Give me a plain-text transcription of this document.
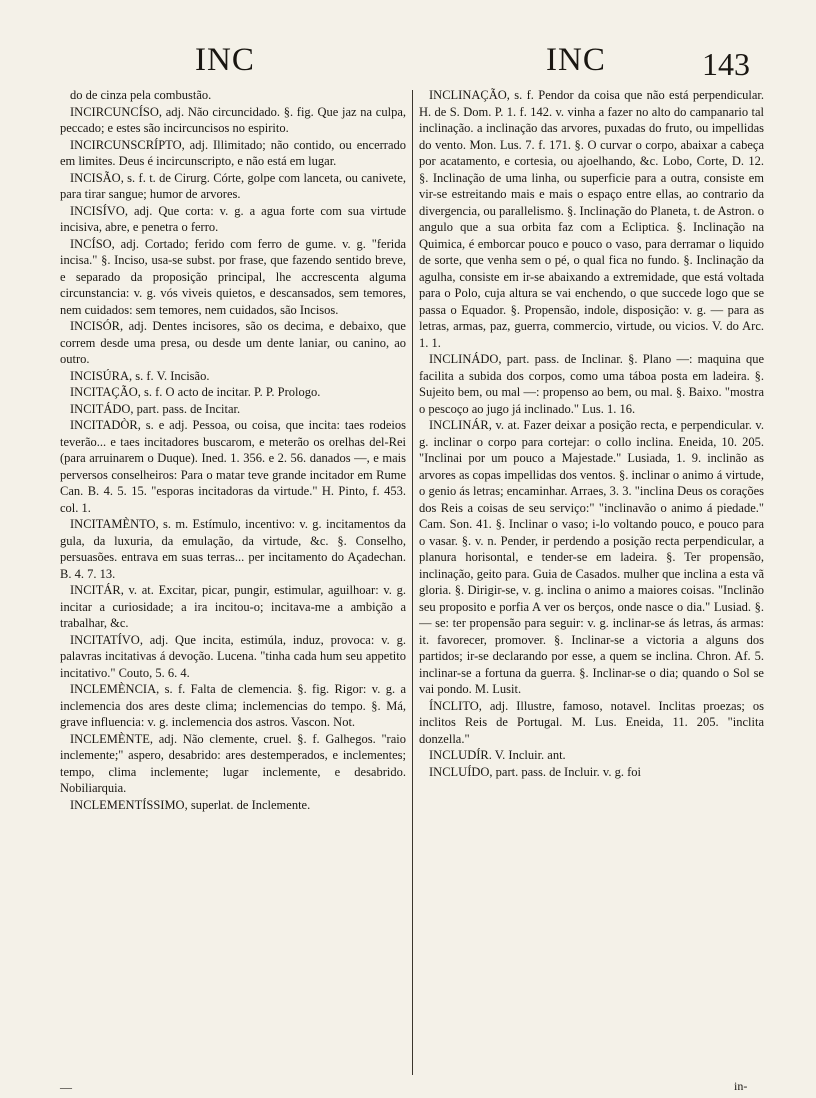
INC	INC	143

do de cinza pela combustão.

INCIRCUNCÍSO, adj. Não circuncidado. §. fig. Que jaz na culpa, peccado; e estes são incircuncisos no espirito.

INCIRCUNSCRÍPTO, adj. Illimitado; não contido, ou encerrado em limites. Deus é incircunscripto, e não está em lugar.

INCISÃO, s. f. t. de Cirurg. Córte, golpe com lanceta, ou canivete, para tirar sangue; humor de arvores.

INCISÍVO, adj. Que corta: v. g. a agua forte com sua virtude incisiva, abre, e penetra o ferro.

INCÍSO, adj. Cortado; ferido com ferro de gume. v. g. "ferida incisa." §. Inciso, usa-se subst. por frase, que fazendo sentido breve, e separado da proposição principal, lhe accrescenta alguma circunstancia: v. g. vós viveis quietos, e descansados, sem temores, nem cuidados: sem temores, nem cuidados, são Incisos.

INCISÓR, adj. Dentes incisores, são os decima, e debaixo, que correm desde uma presa, ou desde um dente laniar, ou canino, ao outro.

INCISÚRA, s. f. V. Incisão.

INCITAÇÃO, s. f. O acto de incitar. P. P. Prologo.

INCITÁDO, part. pass. de Incitar.

INCITADÒR, s. e adj. Pessoa, ou coisa, que incita: taes rodeios teverão... e taes incitadores buscarom, e meterão os orelhas del-Rei (para arruinarem o Duque). Ined. 1. 356. e 2. 56. danados —, e mais perversos conselheiros: Para o matar teve grande incitador em Rume Can. B. 4. 5. 15. "esporas incitadoras da virtude." H. Pinto, f. 453. col. 1.

INCITAMÈNTO, s. m. Estímulo, incentivo: v. g. incitamentos da gula, da luxuria, da emulação, da virtude, &c. §. Conselho, persuasões. entrava em suas terras... per incitamento do Açadechan. B. 4. 7. 13.

INCITÁR, v. at. Excitar, picar, pungir, estimular, aguilhoar: v. g. incitar a curiosidade; a ira incitou-o; incitava-me a ambição a trabalhar, &c.

INCITATÍVO, adj. Que incita, estimúla, induz, provoca: v. g. palavras incitativas á devoção. Lucena. "tinha cada hum seu appetito incitativo." Couto, 5. 6. 4.

INCLEMÈNCIA, s. f. Falta de clemencia. §. fig. Rigor: v. g. a inclemencia dos ares deste clima; inclemencias do tempo. §. Má, grave influencia: v. g. inclemencia dos astros. Vascon. Not.

INCLEMÈNTE, adj. Não clemente, cruel. §. f. Galhegos. "raio inclemente;" aspero, desabrido: ares destemperados, e inclementes; tempo, clima inclemente; lugar inclemente, e desabrido. Nobiliarquia.

INCLEMENTÍSSIMO, superlat. de Inclemente.

INCLINAÇÃO, s. f. Pendor da coisa que não está perpendicular. H. de S. Dom. P. 1. f. 142. v. vinha a fazer no alto do campanario tal inclinação. a inclinação das arvores, puxadas do fruto, ou impellidas do vento. Mon. Lus. 7. f. 171. §. O curvar o corpo, abaixar a cabeça por acatamento, e cortesia, ou ajoelhando, &c. Lobo, Corte, D. 12. §. Inclinação de uma linha, ou superficie para a outra, consiste em vir-se estreitando mais e mais o espaço entre ellas, ao contrario da divergencia, ou parallelismo. §. Inclinação do Planeta, t. de Astron. o angulo que a sua orbita faz com a Ecliptica. §. Inclinação na Quimica, é emborcar pouco e pouco o vaso, para derramar o liquido de sorte, que venha sem o pé, o qual fica no fundo. §. Inclinação da agulha, consiste em ir-se abaixando a extremidade, que está voltada para o Polo, cuja altura se vai enchendo, o que succede logo que se passa o Equador. §. Propensão, indole, disposição: v. g. — para as letras, armas, paz, guerra, commercio, virtude, ou vicios. V. do Arc. 1. 1.

INCLINÁDO, part. pass. de Inclinar. §. Plano —: maquina que facilita a subida dos corpos, como uma táboa posta em ladeira. §. Sujeito bem, ou mal —: propenso ao bem, ou mal. §. Baixo. "mostra o pescoço ao jugo já inclinado." Lus. 1. 16.

INCLINÁR, v. at. Fazer deixar a posição recta, e perpendicular. v. g. inclinar o corpo para cortejar: o collo inclina. Eneida, 10. 205. "Inclinai por um pouco a Majestade." Lusiada, 1. 9. inclinão as arvores as copas impellidas dos ventos. §. inclinar o animo á virtude, o genio ás letras; encaminhar. Arraes, 3. 3. "inclina Deus os corações dos Reis a coisas de seu serviço:" "inclinavão o animo á piedade." Cam. Son. 41. §. Inclinar o vaso; i-lo voltando pouco, e pouco para o vasar. §. v. n. Pender, ir perdendo a posição recta perpendicular, a planura horisontal, e tender-se em ladeira. §. Ter propensão, inclinação, geito para. Guia de Casados. mulher que inclina a esta vã gloria. §. Dirigir-se, v. g. inclina o animo a maiores coisas. "Inclinão seu proposito e porfia A ver os berços, onde nasce o dia." Lusiad. §. — se: ter propensão para seguir: v. g. inclinar-se ás letras, ás armas: it. favorecer, promover. §. Inclinar-se a victoria a alguns dos partidos; ir-se declarando por esse, a quem se inclina. Chron. Af. 5. inclinar-se a fortuna da guerra. §. Inclinar-se o dia; quando o Sol se vai pondo. M. Lusit.

ÍNCLITO, adj. Illustre, famoso, notavel. Inclitas proezas; os inclitos Reis de Portugal. M. Lus. Eneida, 11. 205. "inclita donzella."

INCLUDÍR. V. Incluir. ant.

INCLUÍDO, part. pass. de Incluir. v. g. foi

—	in-
